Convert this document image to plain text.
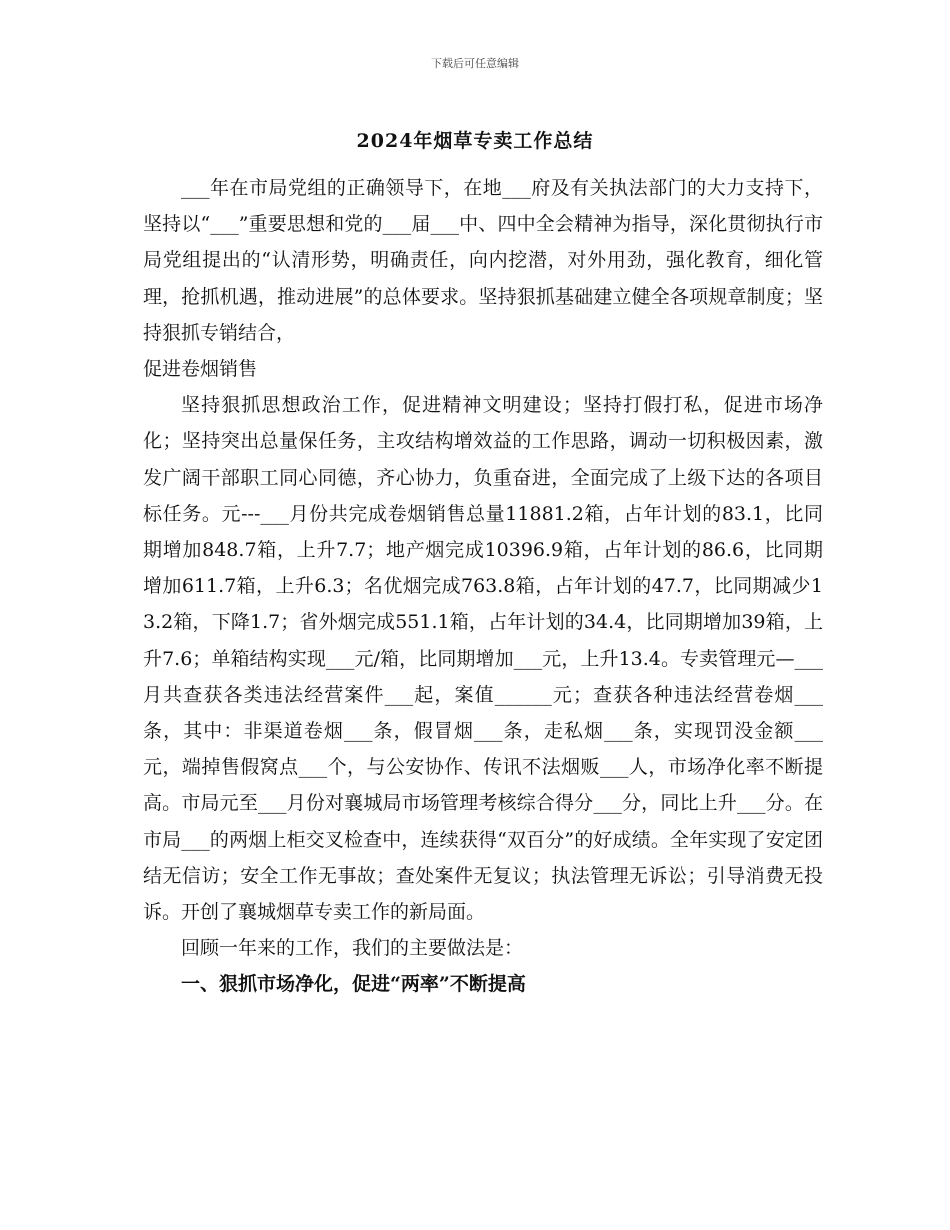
下载后可任意编辑
2024年烟草专卖工作总结

___年在市局党组的正确领导下，在地___府及有关执法部门的大力支持下，坚持以“___”重要思想和党的___届___中、四中全会精神为指导，深化贯彻执行市局党组提出的“认清形势，明确责任，向内挖潜，对外用劲，强化教育，细化管理，抢抓机遇，推动进展”的总体要求。坚持狠抓基础建立健全各项规章制度；坚持狠抓专销结合，

促进卷烟销售

坚持狠抓思想政治工作，促进精神文明建设；坚持打假打私，促进市场净化；坚持突出总量保任务，主攻结构增效益的工作思路，调动一切积极因素，激发广阔干部职工同心同德，齐心协力，负重奋进，全面完成了上级下达的各项目标任务。元---___月份共完成卷烟销售总量11881.2箱，占年计划的83.1，比同期增加848.7箱，上升7.7；地产烟完成10396.9箱，占年计划的86.6，比同期增加611.7箱，上升6.3；名优烟完成763.8箱，占年计划的47.7，比同期减少13.2箱，下降1.7；省外烟完成551.1箱，占年计划的34.4，比同期增加39箱，上升7.6；单箱结构实现___元/箱，比同期增加___元，上升13.4。专卖管理元—___月共查获各类违法经营案件___起，案值______元；查获各种违法经营卷烟___条，其中：非渠道卷烟___条，假冒烟___条，走私烟___条，实现罚没金额___元，端掉售假窝点___个，与公安协作、传讯不法烟贩___人，市场净化率不断提高。市局元至___月份对襄城局市场管理考核综合得分___分，同比上升___分。在市局___的两烟上柜交叉检查中，连续获得“双百分”的好成绩。全年实现了安定团结无信访；安全工作无事故；查处案件无复议；执法管理无诉讼；引导消费无投诉。开创了襄城烟草专卖工作的新局面。

回顾一年来的工作，我们的主要做法是：

一、狠抓市场净化，促进“两率”不断提高
